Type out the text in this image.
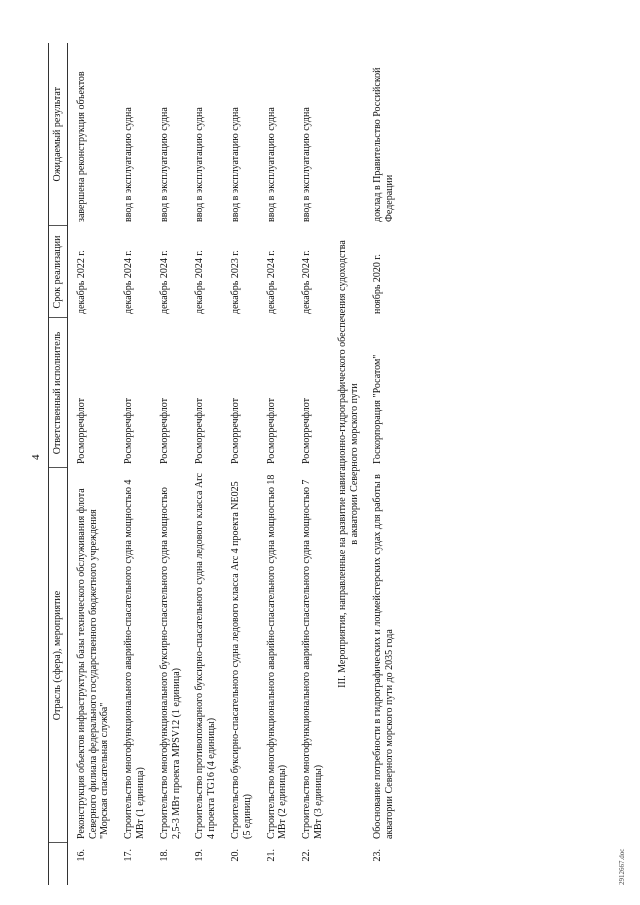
4
	Отрасль (сфера), мероприятие	Ответственный исполнитель	Срок реализации	Ожидаемый результат
16.	Реконструкция объектов инфраструктуры базы технического обслуживания флота Северного филиала федерального государственного бюджетного учреждения "Морская спасательная служба"	Росморречфлот	декабрь 2022 г.	завершена реконструкция объектов
17.	Строительство многофункционального аварийно-спасательного судна мощностью 4 МВт (1 единица)	Росморречфлот	декабрь 2024 г.	ввод в эксплуатацию судна
18.	Строительство многофункционального буксирно-спасательного судна мощностью 2,5-3 МВт проекта MPSV12 (1 единица)	Росморречфлот	декабрь 2024 г.	ввод в эксплуатацию судна
19.	Строительство противопожарного буксирно-спасательного судна ледового класса Arc 4 проекта TG16 (4 единицы)	Росморречфлот	декабрь 2024 г.	ввод в эксплуатацию судна
20.	Строительство буксирно-спасательного судна ледового класса Arc 4 проекта NE025 (5 единиц)	Росморречфлот	декабрь 2023 г.	ввод в эксплуатацию судна
21.	Строительство многофункционального аварийно-спасательного судна мощностью 18 МВт (2 единицы)	Росморречфлот	декабрь 2024 г.	ввод в эксплуатацию судна
22.	Строительство многофункционального аварийно-спасательного судна мощностью 7 МВт (3 единицы)	Росморречфлот	декабрь 2024 г.	ввод в эксплуатацию судна

III. Мероприятия, направленные на развитие навигационно-гидрографического обеспечения судоходства в акватории Северного морского пути				

23.	Обоснование потребности в гидрографических и лоцмейстерских судах для работы в акватории Северного морского пути до 2035 года	Госкорпорация "Росатом"	ноябрь 2020 г.	доклад в Правительство Российской Федерации
2912667.doc
